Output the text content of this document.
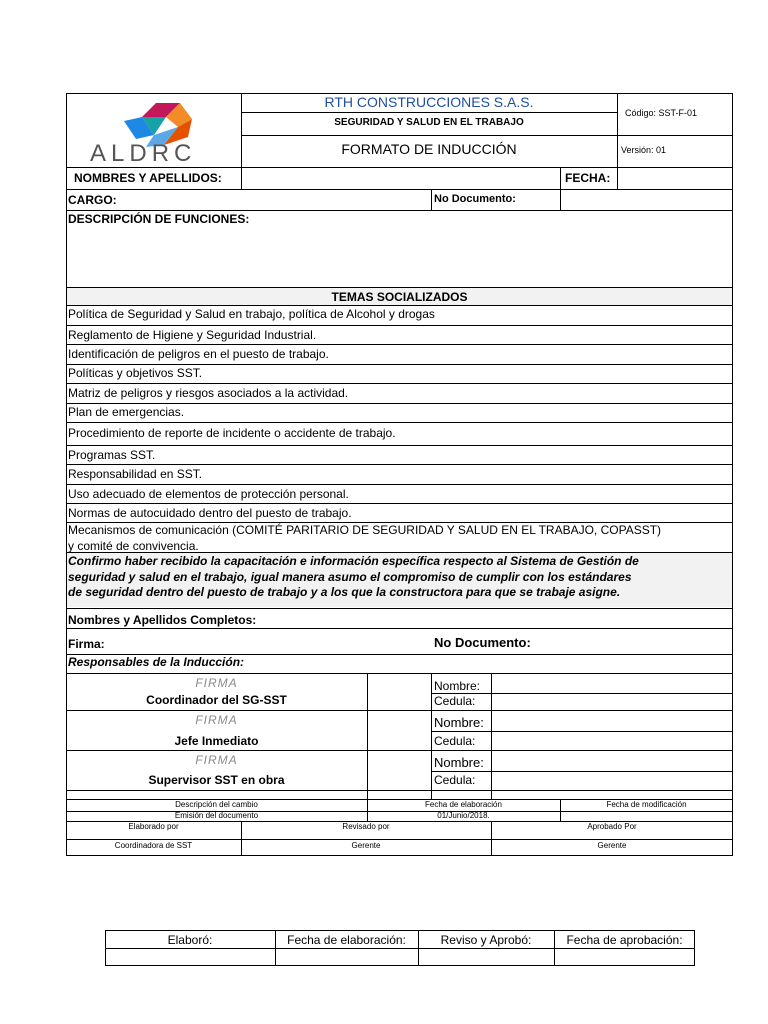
ALDRC
RTH CONSTRUCCIONES S.A.S.
SEGURIDAD Y SALUD EN EL TRABAJO
FORMATO DE INDUCCIÓN
Código: SST-F-01
Versión: 01
NOMBRES Y APELLIDOS:	FECHA:
CARGO:	No Documento:
DESCRIPCIÓN DE FUNCIONES:
TEMAS SOCIALIZADOS
Política de Seguridad y Salud en trabajo, política de Alcohol y drogas
Reglamento de Higiene y Seguridad Industrial.
Identificación de peligros en el puesto de trabajo.
Políticas y objetivos SST.
Matriz de peligros y riesgos asociados a la actividad.
Plan de emergencias.
Procedimiento de reporte de incidente o accidente de trabajo.
Programas SST.
Responsabilidad en SST.
Uso adecuado de elementos de protección personal.
Normas de autocuidado dentro del puesto de trabajo.
Mecanismos de comunicación (COMITÉ PARITARIO DE SEGURIDAD Y SALUD EN EL TRABAJO, COPASST)
y comité de convivencia.
Confirmo haber recibido la capacitación e información específica respecto al Sistema de Gestión de
seguridad y salud en el trabajo, igual manera asumo el compromiso de cumplir con los estándares
de seguridad dentro del puesto de trabajo y a los que la constructora para que se trabaje asigne.
Nombres y Apellidos Completos:
Firma:	No Documento:
Responsables de la Inducción:
FIRMA
Coordinador del SG-SST
Nombre:
Cedula:
FIRMA
Jefe Inmediato
Nombre:
Cedula:
FIRMA
Supervisor SST en obra
Nombre:
Cedula:
Descripción del cambio	Fecha de elaboración	Fecha de modificación
Emisión del documento	01/Junio/2018.
Elaborado por	Revisado por	Aprobado Por
Coordinadora de SST	Gerente	Gerente
Elaboró:	Fecha de elaboración:	Reviso y Aprobó:	Fecha de aprobación:
